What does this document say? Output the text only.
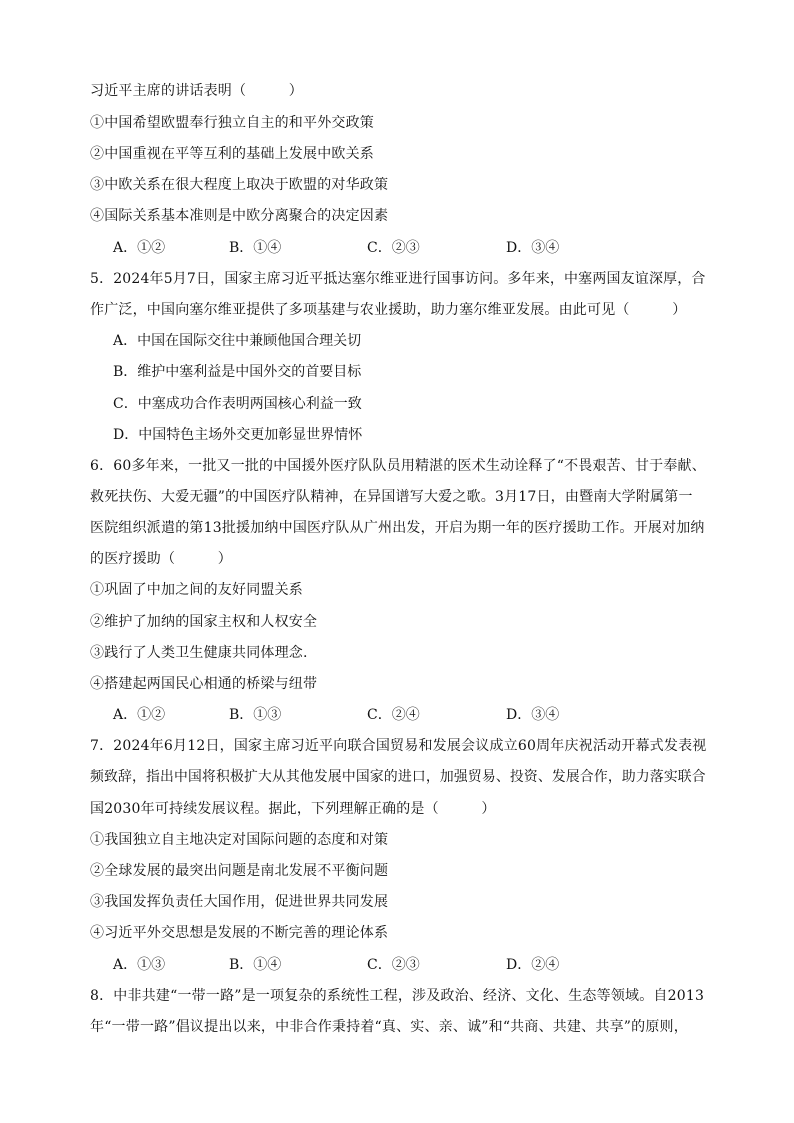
习近平主席的讲话表明（　　　）
①中国希望欧盟奉行独立自主的和平外交政策
②中国重视在平等互利的基础上发展中欧关系
③中欧关系在很大程度上取决于欧盟的对华政策
④国际关系基本准则是中欧分离聚合的决定因素
A．①②	B．①④	C．②③	D．③④
5．2024年5月7日，国家主席习近平抵达塞尔维亚进行国事访问。多年来，中塞两国友谊深厚，合
作广泛，中国向塞尔维亚提供了多项基建与农业援助，助力塞尔维亚发展。由此可见（　　　）
A．中国在国际交往中兼顾他国合理关切
B．维护中塞利益是中国外交的首要目标
C．中塞成功合作表明两国核心利益一致
D．中国特色主场外交更加彰显世界情怀
6．60多年来，一批又一批的中国援外医疗队队员用精湛的医术生动诠释了“不畏艰苦、甘于奉献、
救死扶伤、大爱无疆”的中国医疗队精神，在异国谱写大爱之歌。3月17日，由暨南大学附属第一
医院组织派遣的第13批援加纳中国医疗队从广州出发，开启为期一年的医疗援助工作。开展对加纳
的医疗援助（　　　）
①巩固了中加之间的友好同盟关系
②维护了加纳的国家主权和人权安全
③践行了人类卫生健康共同体理念.
④搭建起两国民心相通的桥梁与纽带
A．①②	B．①③	C．②④	D．③④
7．2024年6月12日，国家主席习近平向联合国贸易和发展会议成立60周年庆祝活动开幕式发表视
频致辞，指出中国将积极扩大从其他发展中国家的进口，加强贸易、投资、发展合作，助力落实联合
国2030年可持续发展议程。据此，下列理解正确的是（　　　）
①我国独立自主地决定对国际问题的态度和对策
②全球发展的最突出问题是南北发展不平衡问题
③我国发挥负责任大国作用，促进世界共同发展
④习近平外交思想是发展的不断完善的理论体系
A．①③	B．①④	C．②③	D．②④
8．中非共建“一带一路”是一项复杂的系统性工程，涉及政治、经济、文化、生态等领域。自2013
年“一带一路”倡议提出以来，中非合作秉持着“真、实、亲、诚”和“共商、共建、共享”的原则，
